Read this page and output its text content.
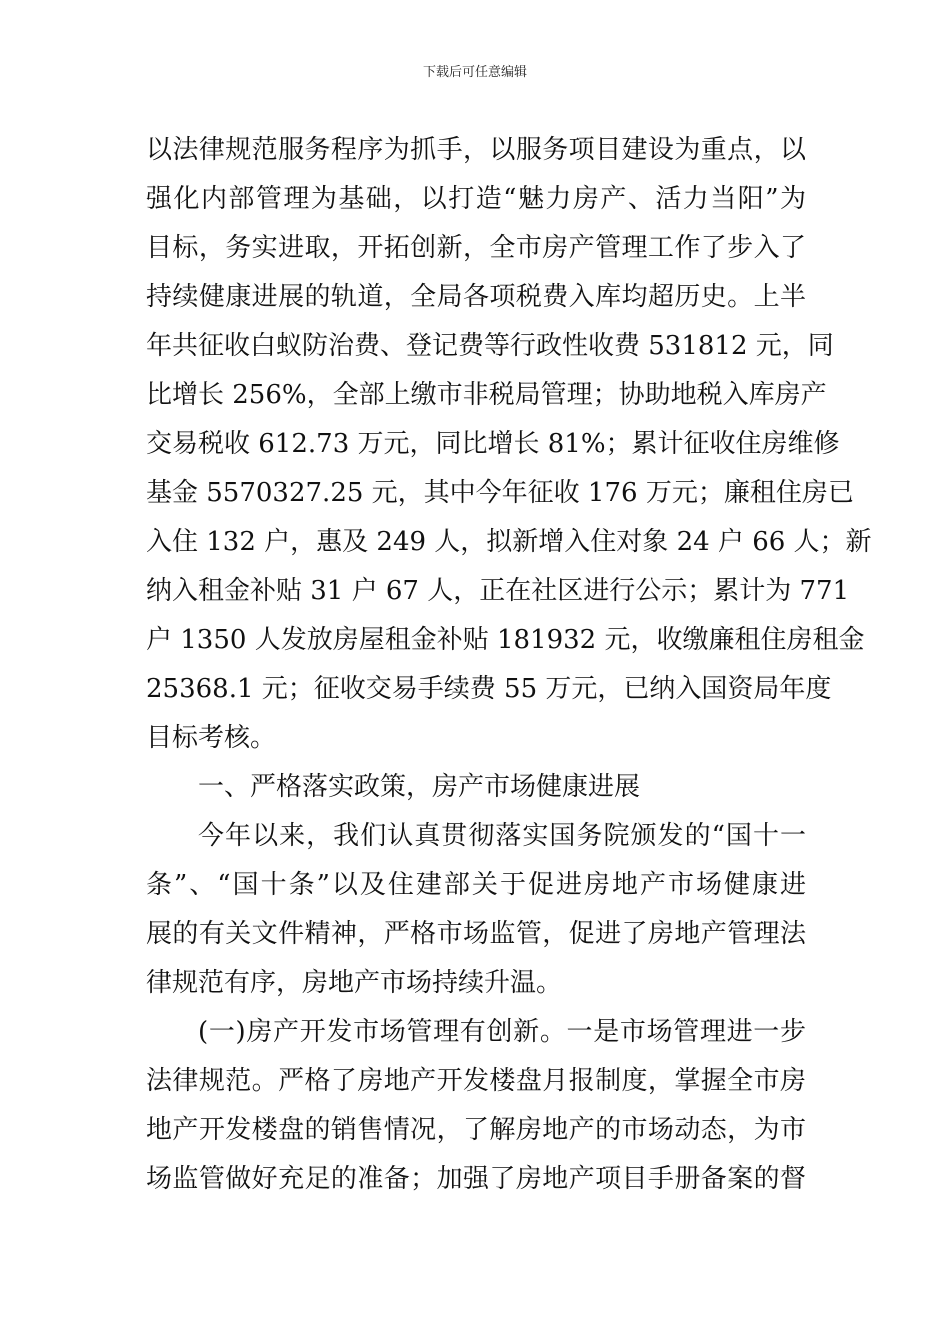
下载后可任意编辑
以法律规范服务程序为抓手，以服务项目建设为重点，以
强化内部管理为基础，以打造“魅力房产、活力当阳”为
目标，务实进取，开拓创新，全市房产管理工作了步入了
持续健康进展的轨道，全局各项税费入库均超历史。上半
年共征收白蚁防治费、登记费等行政性收费 531812 元，同
比增长 256%，全部上缴市非税局管理；协助地税入库房产
交易税收 612.73 万元，同比增长 81%；累计征收住房维修
基金 5570327.25 元，其中今年征收 176 万元；廉租住房已
入住 132 户，惠及 249 人，拟新增入住对象 24 户 66 人；新
纳入租金补贴 31 户 67 人，正在社区进行公示；累计为 771
户 1350 人发放房屋租金补贴 181932 元，收缴廉租住房租金
25368.1 元；征收交易手续费 55 万元，已纳入国资局年度
目标考核。
一、严格落实政策，房产市场健康进展
今年以来，我们认真贯彻落实国务院颁发的“国十一
条”、“国十条”以及住建部关于促进房地产市场健康进
展的有关文件精神，严格市场监管，促进了房地产管理法
律规范有序，房地产市场持续升温。
(一)房产开发市场管理有创新。一是市场管理进一步
法律规范。严格了房地产开发楼盘月报制度，掌握全市房
地产开发楼盘的销售情况，了解房地产的市场动态，为市
场监管做好充足的准备；加强了房地产项目手册备案的督
